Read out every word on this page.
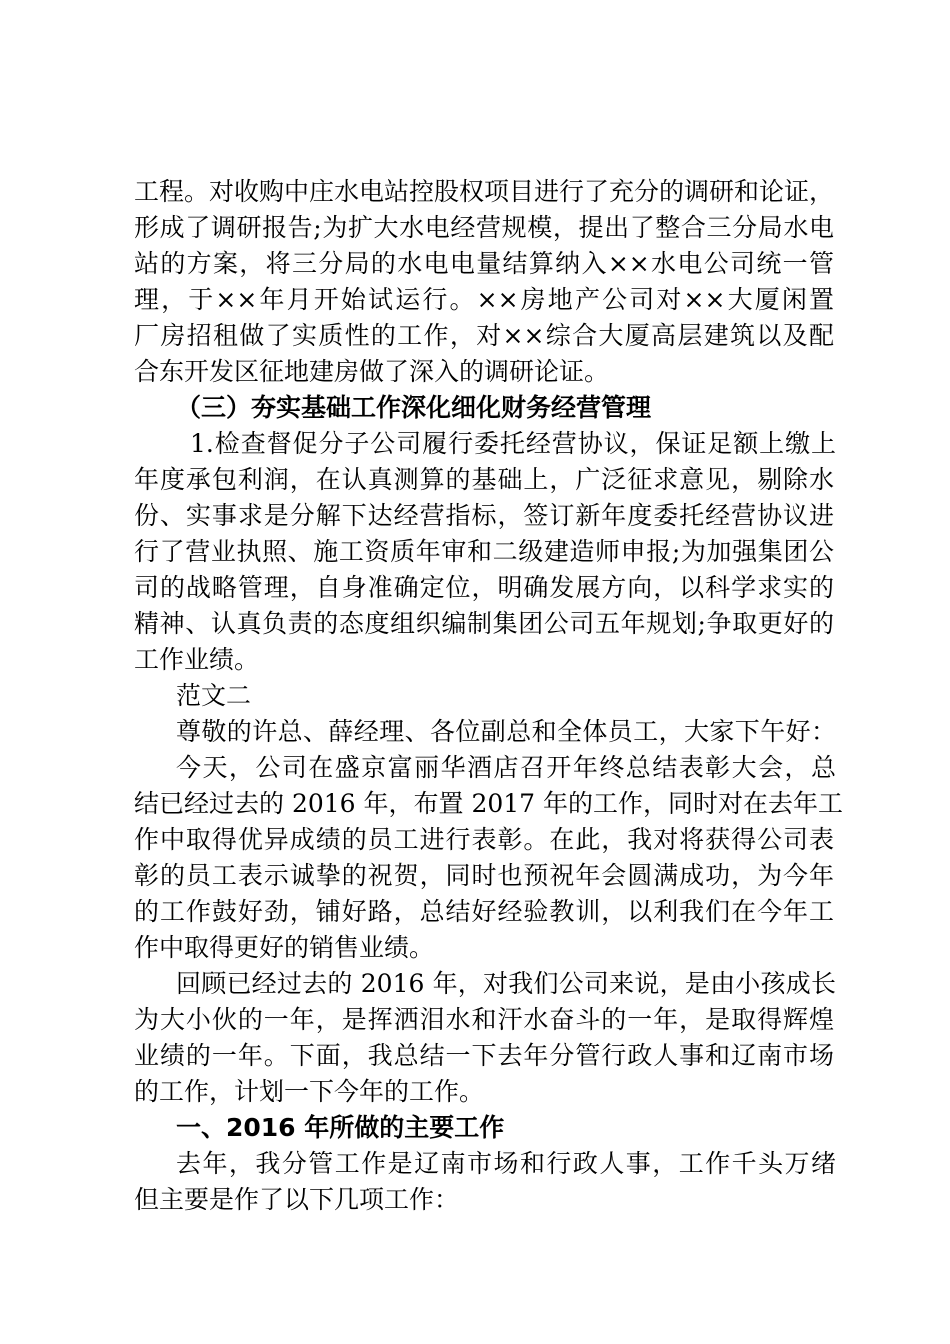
工程。对收购中庄水电站控股权项目进行了充分的调研和论证，
形成了调研报告;为扩大水电经营规模，提出了整合三分局水电
站的方案，将三分局的水电电量结算纳入××水电公司统一管
理，于××年月开始试运行。××房地产公司对××大厦闲置
厂房招租做了实质性的工作，对××综合大厦高层建筑以及配
合东开发区征地建房做了深入的调研论证。
（三）夯实基础工作深化细化财务经营管理
1.检查督促分子公司履行委托经营协议，保证足额上缴上
年度承包利润，在认真测算的基础上，广泛征求意见，剔除水
份、实事求是分解下达经营指标，签订新年度委托经营协议进
行了营业执照、施工资质年审和二级建造师申报;为加强集团公
司的战略管理，自身准确定位，明确发展方向，以科学求实的
精神、认真负责的态度组织编制集团公司五年规划;争取更好的
工作业绩。
范文二
尊敬的许总、薛经理、各位副总和全体员工，大家下午好：
今天，公司在盛京富丽华酒店召开年终总结表彰大会，总
结已经过去的 2016 年，布置 2017 年的工作，同时对在去年工
作中取得优异成绩的员工进行表彰。在此，我对将获得公司表
彰的员工表示诚挚的祝贺，同时也预祝年会圆满成功，为今年
的工作鼓好劲，铺好路，总结好经验教训，以利我们在今年工
作中取得更好的销售业绩。
回顾已经过去的 2016 年，对我们公司来说，是由小孩成长
为大小伙的一年，是挥洒泪水和汗水奋斗的一年，是取得辉煌
业绩的一年。下面，我总结一下去年分管行政人事和辽南市场
的工作，计划一下今年的工作。
一、2016 年所做的主要工作
去年，我分管工作是辽南市场和行政人事，工作千头万绪
但主要是作了以下几项工作：
